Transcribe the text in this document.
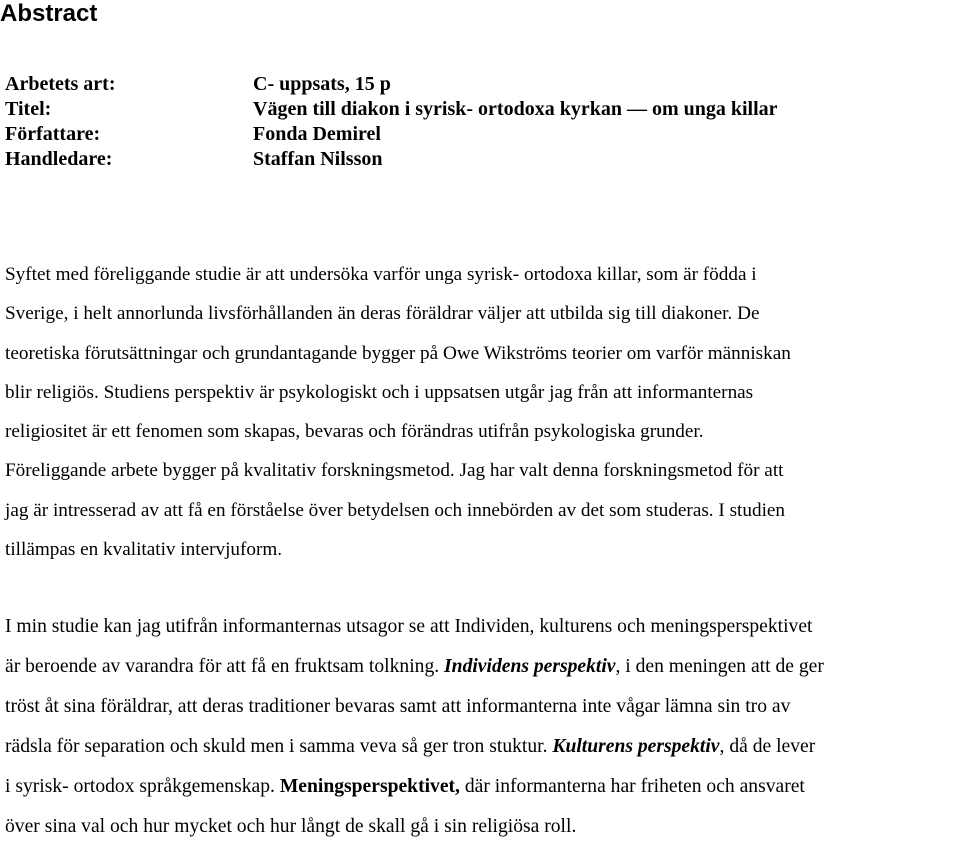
Abstract
Arbetets art:	C- uppsats, 15 p
Titel:	Vägen till diakon i syrisk- ortodoxa kyrkan — om unga killar
Författare:	Fonda Demirel
Handledare:	Staffan Nilsson
Syftet med föreliggande studie är att undersöka varför unga syrisk- ortodoxa killar, som är födda i
Sverige, i helt annorlunda livsförhållanden än deras föräldrar väljer att utbilda sig till diakoner. De
teoretiska förutsättningar och grundantagande bygger på Owe Wikströms teorier om varför människan
blir religiös. Studiens perspektiv är psykologiskt och i uppsatsen utgår jag från att informanternas
religiositet är ett fenomen som skapas, bevaras och förändras utifrån psykologiska grunder.
Föreliggande arbete bygger på kvalitativ forskningsmetod. Jag har valt denna forskningsmetod för att
jag är intresserad av att få en förståelse över betydelsen och innebörden av det som studeras. I studien
tillämpas en kvalitativ intervjuform.
I min studie kan jag utifrån informanternas utsagor se att Individen, kulturens och meningsperspektivet
är beroende av varandra för att få en fruktsam tolkning. Individens perspektiv, i den meningen att de ger
tröst åt sina föräldrar, att deras traditioner bevaras samt att informanterna inte vågar lämna sin tro av
rädsla för separation och skuld men i samma veva så ger tron stuktur. Kulturens perspektiv, då de lever
i syrisk- ortodox språkgemenskap. Meningsperspektivet, där informanterna har friheten och ansvaret
över sina val och hur mycket och hur långt de skall gå i sin religiösa roll.
